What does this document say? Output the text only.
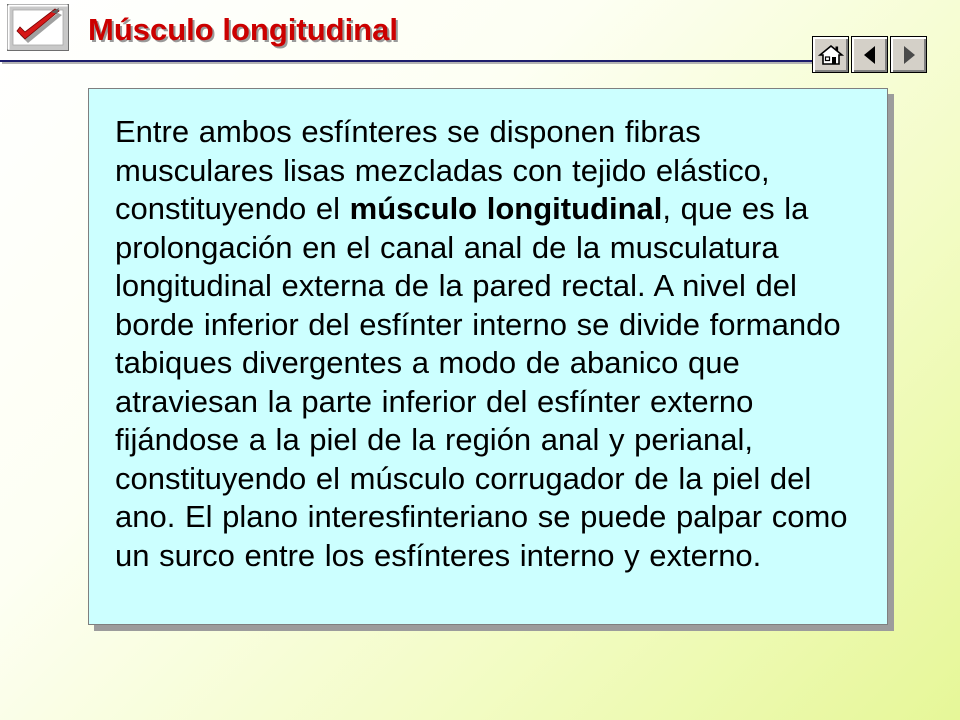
Músculo longitudinal
Entre ambos esfínteres se disponen fibras
musculares lisas mezcladas con tejido elástico,
constituyendo el músculo longitudinal, que es la
prolongación en el canal anal de la musculatura
longitudinal externa de la pared rectal. A nivel del
borde inferior del esfínter interno se divide formando
tabiques divergentes a modo de abanico que
atraviesan la parte inferior del esfínter externo
fijándose a la piel de la región anal y perianal,
constituyendo el músculo corrugador de la piel del
ano. El plano interesfinteriano se puede palpar como
un surco entre los esfínteres interno y externo.
